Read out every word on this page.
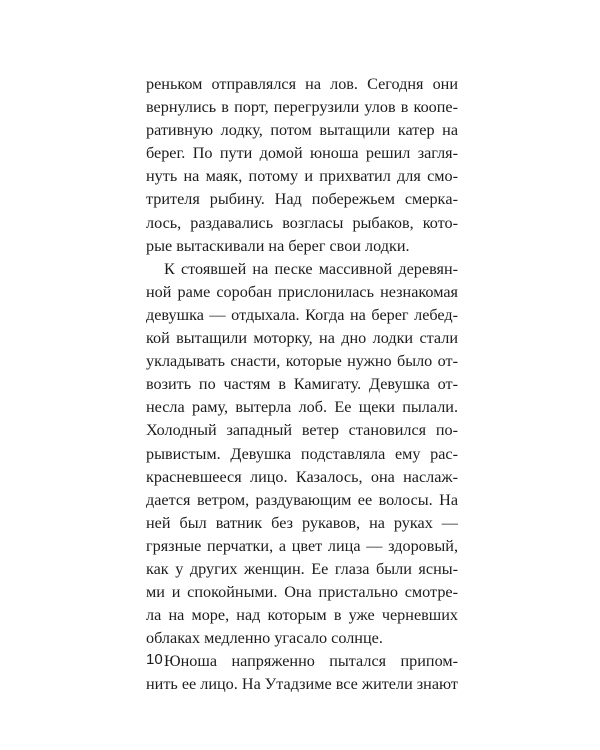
реньком отправлялся на лов. Сегодня они
вернулись в порт, перегрузили улов в коопе-
ративную лодку, потом вытащили катер на
берег. По пути домой юноша решил загля-
нуть на маяк, потому и прихватил для смо-
трителя рыбину. Над побережьем смеркa-
лось, раздавались возгласы рыбаков, кото-
рые вытаскивали на берег свои лодки.
К стоявшей на песке массивной деревян-
ной раме соробан прислонилась незнакомая
девушка — отдыхала. Когда на берег лебед-
кой вытащили моторку, на дно лодки стали
укладывать снасти, которые нужно было от-
возить по частям в Камигату. Девушка от-
несла раму, вытерла лоб. Ее щеки пылали.
Холодный западный ветер становился по-
рывистым. Девушка подставляла ему рас-
красневшееся лицо. Казалось, она наслаж-
дается ветром, раздувающим ее волосы. На
ней был ватник без рукавов, на руках —
грязные перчатки, а цвет лица — здоровый,
как у других женщин. Ее глаза были ясны-
ми и спокойными. Она пристально смотре-
ла на море, над которым в уже черневших
облаках медленно угасало солнце.
Юноша напряженно пытался припом-
нить ее лицо. На Утадзиме все жители знают
10
